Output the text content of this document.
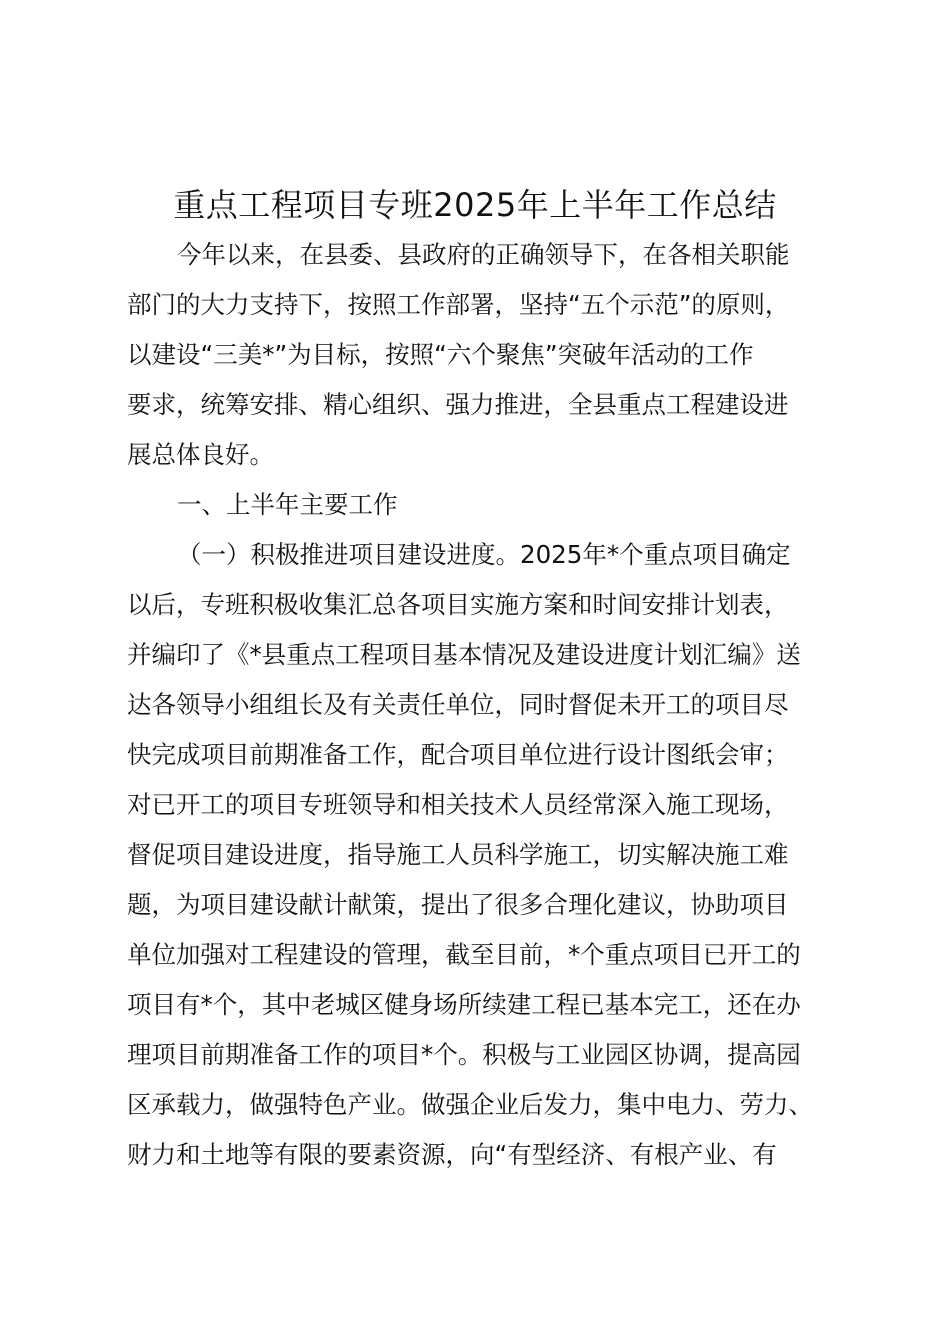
重点工程项目专班2025年上半年工作总结
今年以来，在县委、县政府的正确领导下，在各相关职能
部门的大力支持下，按照工作部署，坚持“五个示范”的原则，
以建设“三美*”为目标，按照“六个聚焦”突破年活动的工作
要求，统筹安排、精心组织、强力推进，全县重点工程建设进
展总体良好。
一、上半年主要工作
（一）积极推进项目建设进度。2025年*个重点项目确定
以后，专班积极收集汇总各项目实施方案和时间安排计划表，
并编印了《*县重点工程项目基本情况及建设进度计划汇编》送
达各领导小组组长及有关责任单位，同时督促未开工的项目尽
快完成项目前期准备工作，配合项目单位进行设计图纸会审；
对已开工的项目专班领导和相关技术人员经常深入施工现场，
督促项目建设进度，指导施工人员科学施工，切实解决施工难
题，为项目建设献计献策，提出了很多合理化建议，协助项目
单位加强对工程建设的管理，截至目前，*个重点项目已开工的
项目有*个，其中老城区健身场所续建工程已基本完工，还在办
理项目前期准备工作的项目*个。积极与工业园区协调，提高园
区承载力，做强特色产业。做强企业后发力，集中电力、劳力、
财力和土地等有限的要素资源，向“有型经济、有根产业、有
